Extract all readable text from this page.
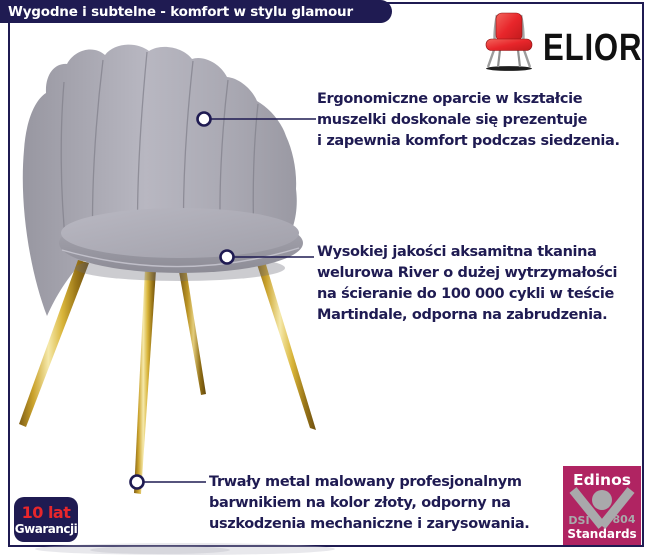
Wygodne i subtelne - komfort w stylu glamour
ELIOR
Ergonomiczne oparcie w kształcie
muszelki doskonale się prezentuje
i zapewnia komfort podczas siedzenia.
Wysokiej jakości aksamitna tkanina
welurowa River o dużej wytrzymałości
na ścieranie do 100 000 cykli w teście
Martindale, odporna na zabrudzenia.
Trwały metal malowany profesjonalnym
barwnikiem na kolor złoty, odporny na
uszkodzenia mechaniczne i zarysowania.
10 lat
Gwarancji
Edinos
DSI 804
Standards
